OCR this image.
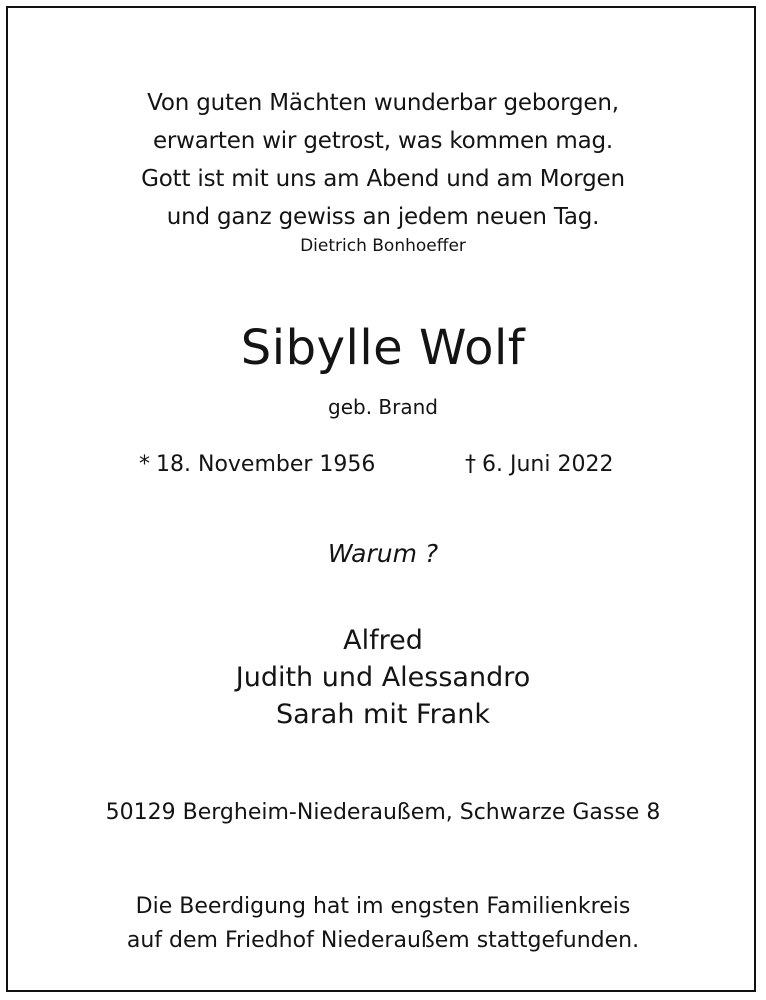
Von guten Mächten wunderbar geborgen,
erwarten wir getrost, was kommen mag.
Gott ist mit uns am Abend und am Morgen
und ganz gewiss an jedem neuen Tag.
Dietrich Bonhoeffer
Sibylle Wolf
geb. Brand
* 18. November 1956	† 6. Juni 2022
Warum ?
Alfred
Judith und Alessandro
Sarah mit Frank
50129 Bergheim-Niederaußem, Schwarze Gasse 8
Die Beerdigung hat im engsten Familienkreis
auf dem Friedhof Niederaußem stattgefunden.
